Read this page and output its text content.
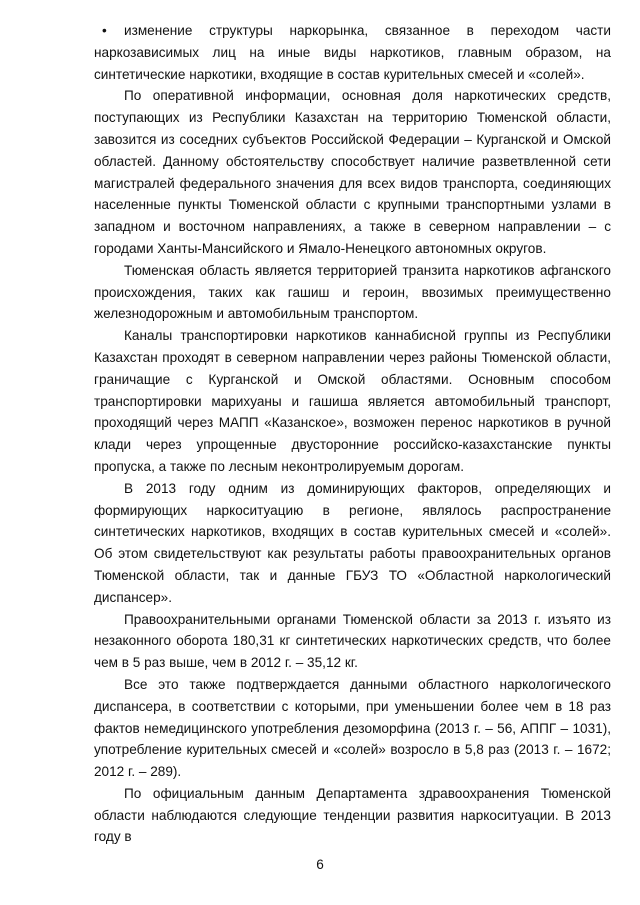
• изменение структуры наркорынка, связанное в переходом части наркозависимых лиц на иные виды наркотиков, главным образом, на синтетические наркотики, входящие в состав курительных смесей и «солей».

По оперативной информации, основная доля наркотических средств, поступающих из Республики Казахстан на территорию Тюменской области, завозится из соседних субъектов Российской Федерации – Курганской и Омской областей. Данному обстоятельству способствует наличие разветвленной сети магистралей федерального значения для всех видов транспорта, соединяющих населенные пункты Тюменской области с крупными транспортными узлами в западном и восточном направлениях, а также в северном направлении – с городами Ханты-Мансийского и Ямало-Ненецкого автономных округов.

Тюменская область является территорией транзита наркотиков афганского происхождения, таких как гашиш и героин, ввозимых преимущественно железнодорожным и автомобильным транспортом.

Каналы транспортировки наркотиков каннабисной группы из Республики Казахстан проходят в северном направлении через районы Тюменской области, граничащие с Курганской и Омской областями. Основным способом транспортировки марихуаны и гашиша является автомобильный транспорт, проходящий через МАПП «Казанское», возможен перенос наркотиков в ручной клади через упрощенные двусторонние российско-казахстанские пункты пропуска, а также по лесным неконтролируемым дорогам.

В 2013 году одним из доминирующих факторов, определяющих и формирующих наркоситуацию в регионе, являлось распространение синтетических наркотиков, входящих в состав курительных смесей и «солей». Об этом свидетельствуют как результаты работы правоохранительных органов Тюменской области, так и данные ГБУЗ ТО «Областной наркологический диспансер».

Правоохранительными органами Тюменской области за 2013 г. изъято из незаконного оборота 180,31 кг синтетических наркотических средств, что более чем в 5 раз выше, чем в 2012 г. – 35,12 кг.

Все это также подтверждается данными областного наркологического диспансера, в соответствии с которыми, при уменьшении более чем в 18 раз фактов немедицинского употребления дезоморфина (2013 г. – 56, АППГ – 1031), употребление курительных смесей и «солей» возросло в 5,8 раз (2013 г. – 1672; 2012 г. – 289).

По официальным данным Департамента здравоохранения Тюменской области наблюдаются следующие тенденции развития наркоситуации. В 2013 году в

6
